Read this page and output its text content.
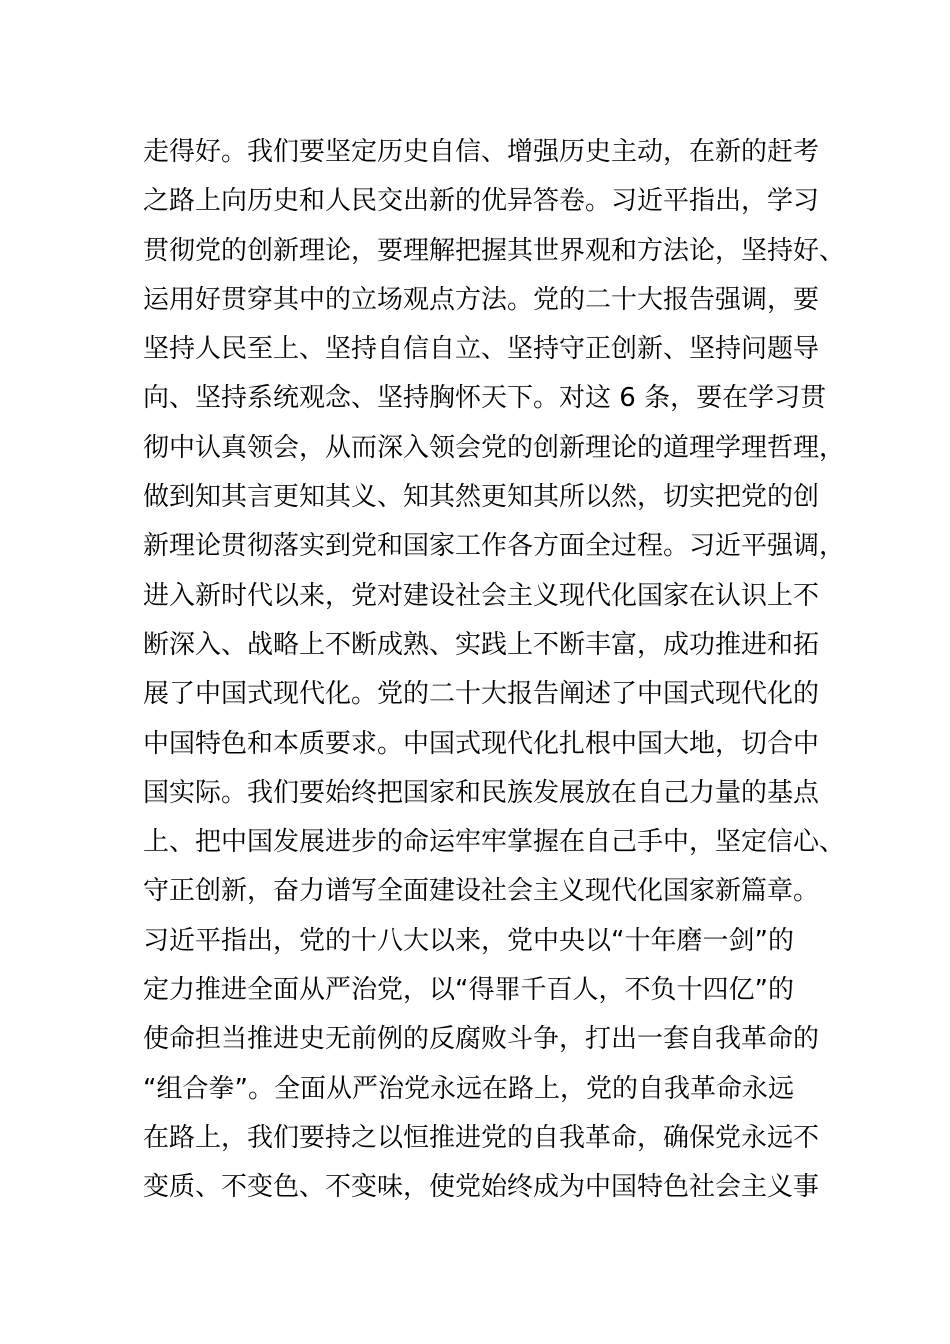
走得好。我们要坚定历史自信、增强历史主动，在新的赶考
之路上向历史和人民交出新的优异答卷。习近平指出，学习
贯彻党的创新理论，要理解把握其世界观和方法论，坚持好、
运用好贯穿其中的立场观点方法。党的二十大报告强调，要
坚持人民至上、坚持自信自立、坚持守正创新、坚持问题导
向、坚持系统观念、坚持胸怀天下。对这 6 条，要在学习贯
彻中认真领会，从而深入领会党的创新理论的道理学理哲理，
做到知其言更知其义、知其然更知其所以然，切实把党的创
新理论贯彻落实到党和国家工作各方面全过程。习近平强调，
进入新时代以来，党对建设社会主义现代化国家在认识上不
断深入、战略上不断成熟、实践上不断丰富，成功推进和拓
展了中国式现代化。党的二十大报告阐述了中国式现代化的
中国特色和本质要求。中国式现代化扎根中国大地，切合中
国实际。我们要始终把国家和民族发展放在自己力量的基点
上、把中国发展进步的命运牢牢掌握在自己手中，坚定信心、
守正创新，奋力谱写全面建设社会主义现代化国家新篇章。
习近平指出，党的十八大以来，党中央以“十年磨一剑”的
定力推进全面从严治党，以“得罪千百人，不负十四亿”的
使命担当推进史无前例的反腐败斗争，打出一套自我革命的
“组合拳”。全面从严治党永远在路上，党的自我革命永远
在路上，我们要持之以恒推进党的自我革命，确保党永远不
变质、不变色、不变味，使党始终成为中国特色社会主义事
